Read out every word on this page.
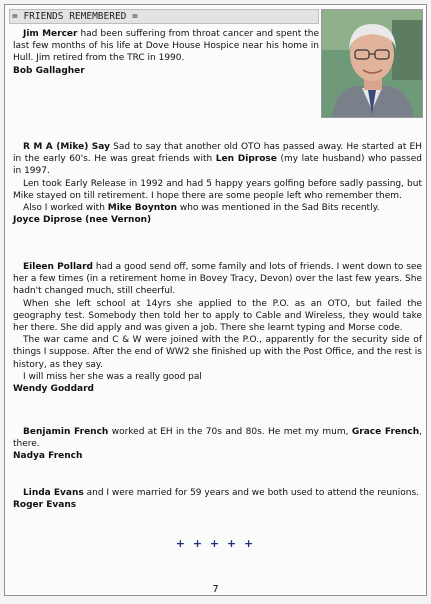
= FRIENDS REMEMBERED =

Jim Mercer had been suffering from throat cancer and spent the last few months of his life at Dove House Hospice near his home in Hull. Jim retired from the TRC in 1990.

Bob Gallagher

R M A (Mike) Say Sad to say that another old OTO has passed away. He started at EH in the early 60's. He was great friends with Len Diprose (my late husband) who passed in 1997.

Len took Early Release in 1992 and had 5 happy years golfing before sadly passing, but Mike stayed on till retirement. I hope there are some people left who remember them.

Also I worked with Mike Boynton who was mentioned in the Sad Bits recently.

Joyce Diprose (nee Vernon)

Eileen Pollard had a good send off, some family and lots of friends. I went down to see her a few times (in a retirement home in Bovey Tracy, Devon) over the last few years. She hadn't changed much, still cheerful.

When she left school at 14yrs she applied to the P.O. as an OTO, but failed the geography test. Somebody then told her to apply to Cable and Wireless, they would take her there. She did apply and was given a job. There she learnt typing and Morse code.

The war came and C & W were joined with the P.O., apparently for the security side of things I suppose. After the end of WW2 she finished up with the Post Office, and the rest is history, as they say.

I will miss her she was a really good pal

Wendy Goddard

Benjamin French worked at EH in the 70s and 80s. He met my mum, Grace French, there.

Nadya French

Linda Evans and I were married for 59 years and we both used to attend the reunions.

Roger Evans

+ + + + +
7
